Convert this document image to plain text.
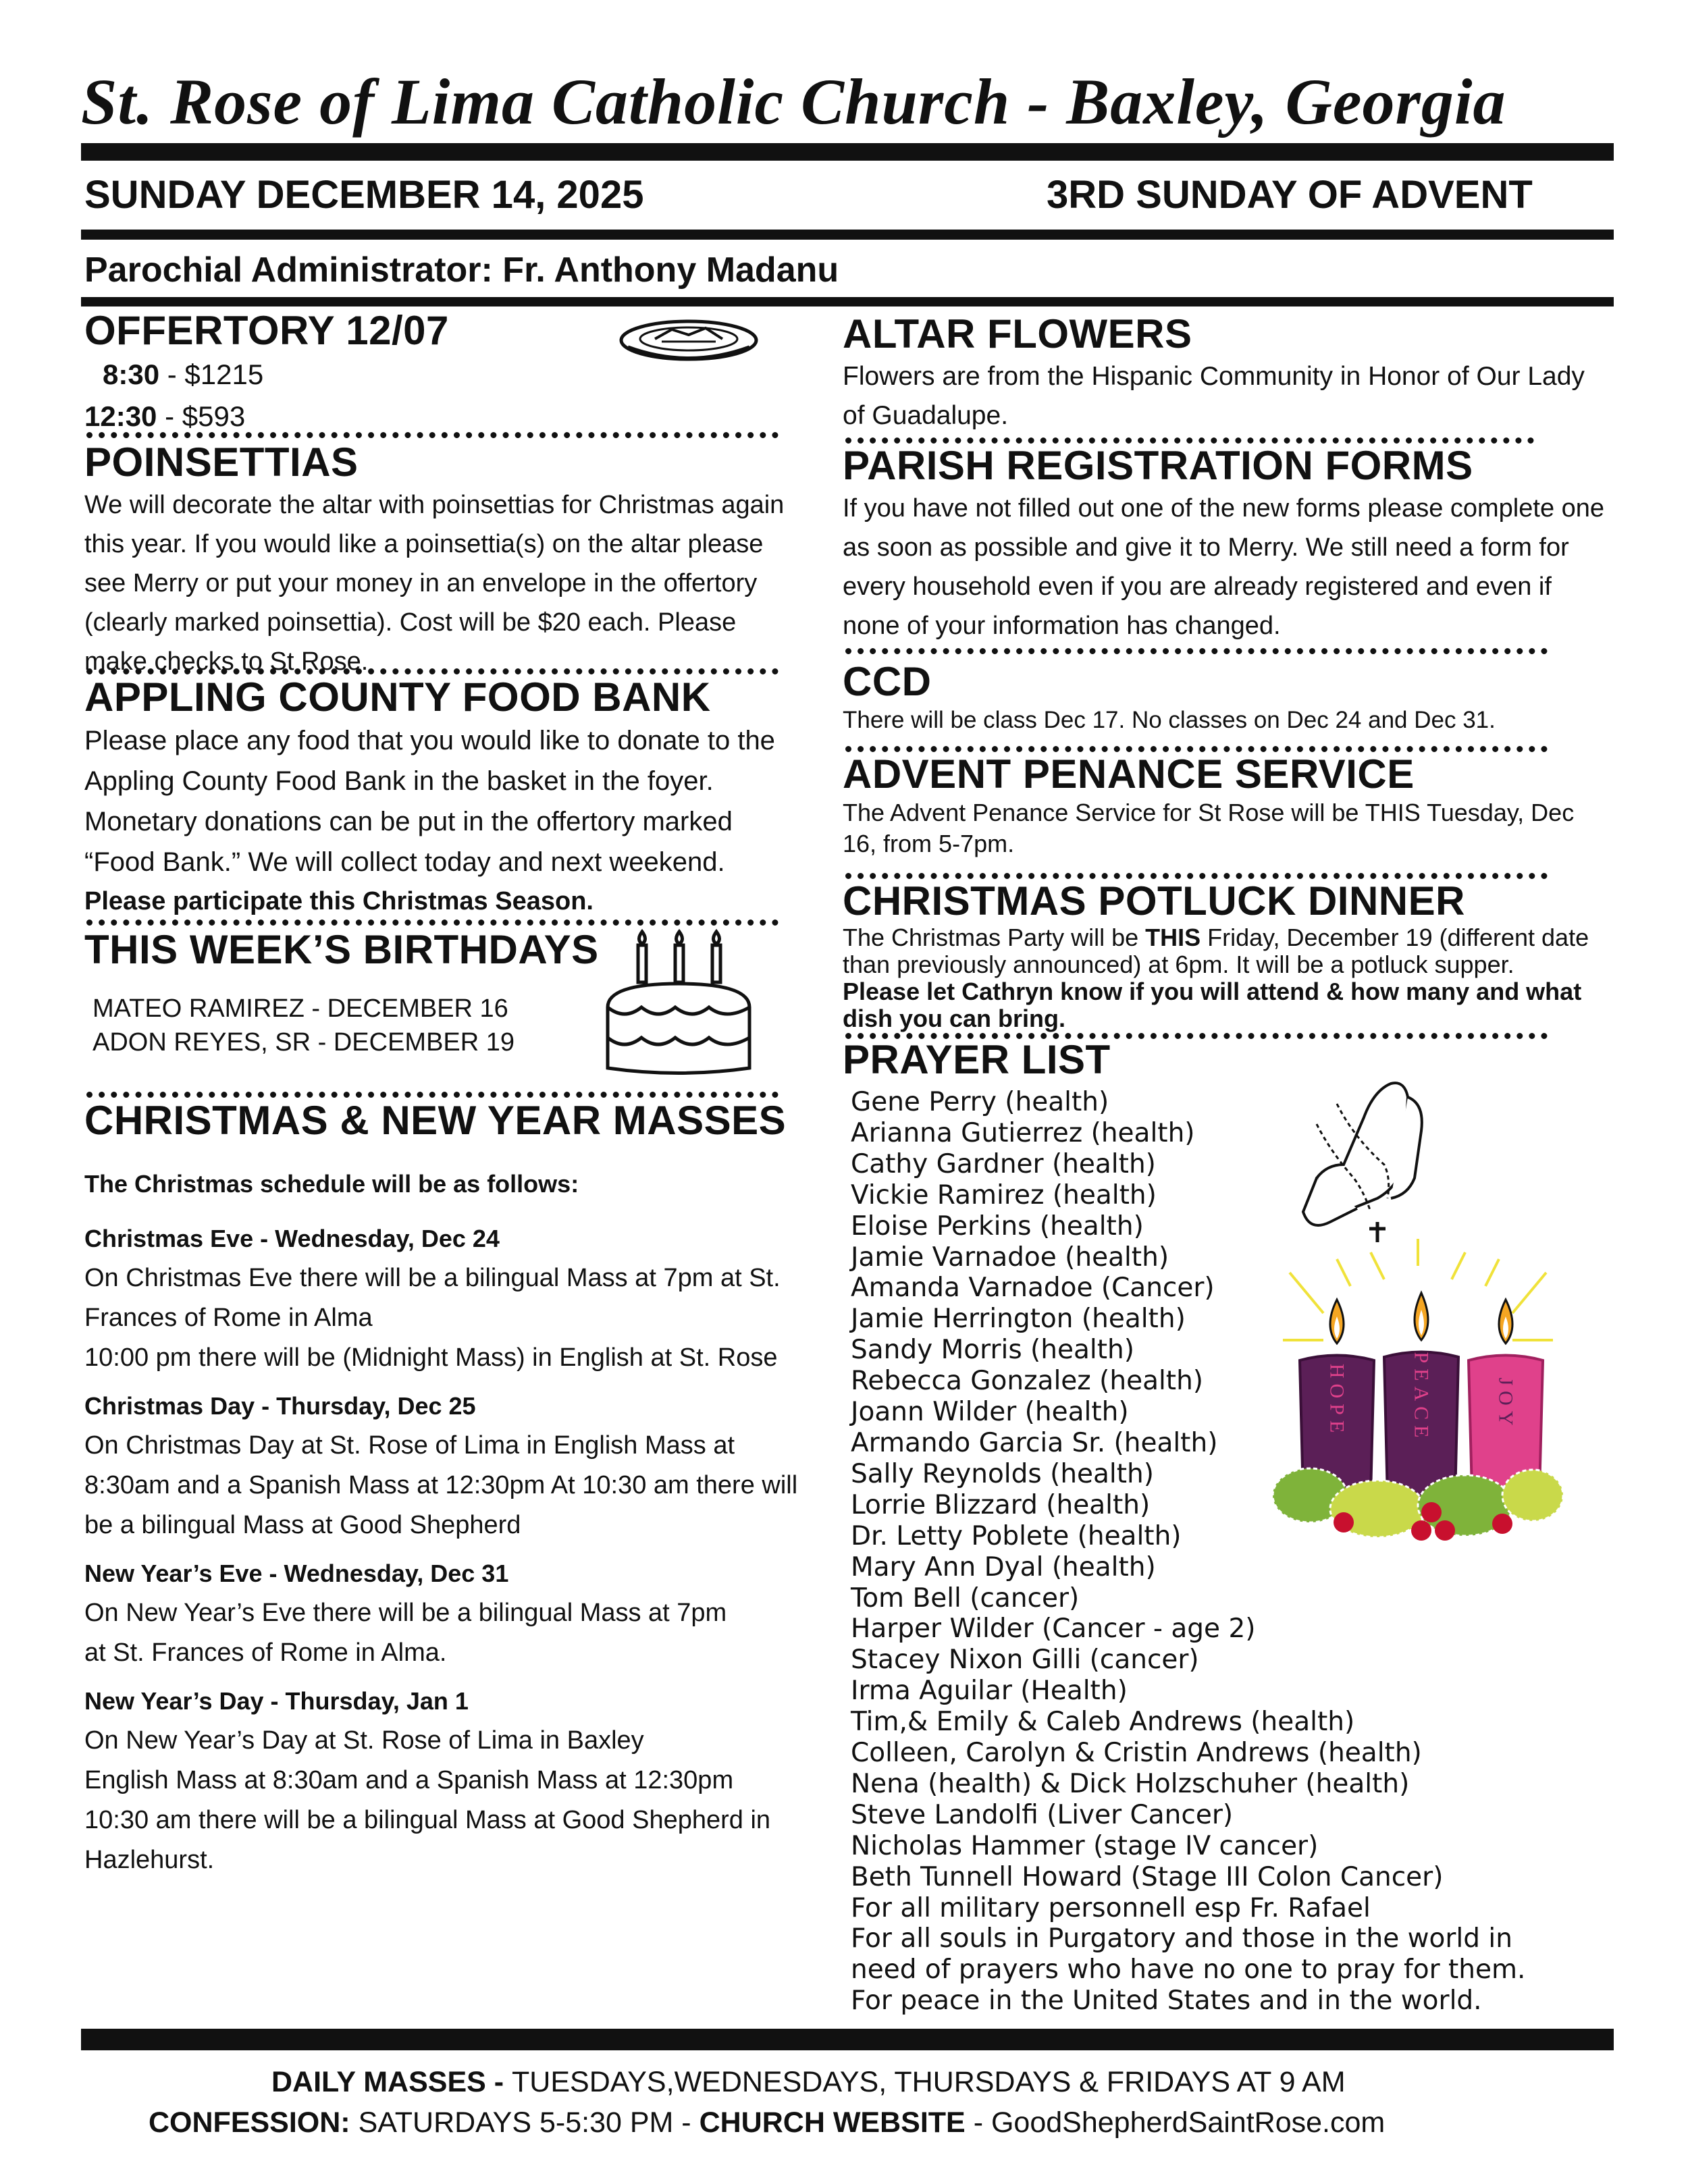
St. Rose of Lima Catholic Church - Baxley, Georgia
SUNDAY DECEMBER 14, 2025	3RD SUNDAY OF ADVENT
Parochial Administrator: Fr. Anthony Madanu
OFFERTORY 12/07
8:30 - $1215
12:30 - $593
POINSETTIAS
We will decorate the altar with poinsettias for Christmas again this year. If you would like a poinsettia(s) on the altar please see Merry or put your money in an envelope in the offertory (clearly marked poinsettia). Cost will be $20 each. Please make checks to St Rose.
APPLING COUNTY FOOD BANK
Please place any food that you would like to donate to the Appling County Food Bank in the basket in the foyer. Monetary donations can be put in the offertory marked “Food Bank.” We will collect today and next weekend.
Please participate this Christmas Season.
THIS WEEK’S BIRTHDAYS
MATEO RAMIREZ - DECEMBER 16
ADON REYES, SR - DECEMBER 19
CHRISTMAS & NEW YEAR MASSES
The Christmas schedule will be as follows:
Christmas Eve - Wednesday, Dec 24
On Christmas Eve there will be a bilingual Mass at 7pm at St. Frances of Rome in Alma
10:00 pm there will be (Midnight Mass) in English at St. Rose
Christmas Day - Thursday, Dec 25
On Christmas Day at St. Rose of Lima in English Mass at 8:30am and a Spanish Mass at 12:30pm At 10:30 am there will be a bilingual Mass at Good Shepherd
New Year’s Eve - Wednesday, Dec 31
On New Year’s Eve there will be a bilingual Mass at 7pm
at St. Frances of Rome in Alma.
New Year’s Day - Thursday, Jan 1
On New Year’s Day at St. Rose of Lima in Baxley
English Mass at 8:30am and a Spanish Mass at 12:30pm
10:30 am there will be a bilingual Mass at Good Shepherd in Hazlehurst.
ALTAR FLOWERS
Flowers are from the Hispanic Community in Honor of Our Lady of Guadalupe.
PARISH REGISTRATION FORMS
If you have not filled out one of the new forms please complete one as soon as possible and give it to Merry. We still need a form for every household even if you are already registered and even if none of your information has changed.
CCD
There will be class Dec 17. No classes on Dec 24 and Dec 31.
ADVENT PENANCE SERVICE
The Advent Penance Service for St Rose will be THIS Tuesday, Dec 16, from 5-7pm.
CHRISTMAS POTLUCK DINNER
The Christmas Party will be THIS Friday, December 19 (different date than previously announced) at 6pm. It will be a potluck supper. Please let Cathryn know if you will attend & how many and what dish you can bring.
PRAYER LIST
Gene Perry (health)
Arianna Gutierrez (health)
Cathy Gardner (health)
Vickie Ramirez (health)
Eloise Perkins (health)
Jamie Varnadoe (health)
Amanda Varnadoe (Cancer)
Jamie Herrington (health)
Sandy Morris (health)
Rebecca Gonzalez (health)
Joann Wilder (health)
Armando Garcia Sr. (health)
Sally Reynolds (health)
Lorrie Blizzard (health)
Dr. Letty Poblete (health)
Mary Ann Dyal (health)
Tom Bell (cancer)
Harper Wilder (Cancer - age 2)
Stacey Nixon Gilli (cancer)
Irma Aguilar (Health)
Tim,& Emily & Caleb Andrews (health)
Colleen, Carolyn & Cristin Andrews (health)
Nena (health) & Dick Holzschuher (health)
Steve Landolfi (Liver Cancer)
Nicholas Hammer (stage IV cancer)
Beth Tunnell Howard (Stage III Colon Cancer)
For all military personnell esp Fr. Rafael
For all souls in Purgatory and those in the world in
need of prayers who have no one to pray for them.
For peace in the United States and in the world.
HOPE	PEACE	JOY
DAILY MASSES - TUESDAYS,WEDNESDAYS, THURSDAYS & FRIDAYS AT 9 AM
CONFESSION: SATURDAYS 5-5:30 PM - CHURCH WEBSITE - GoodShepherdSaintRose.com
